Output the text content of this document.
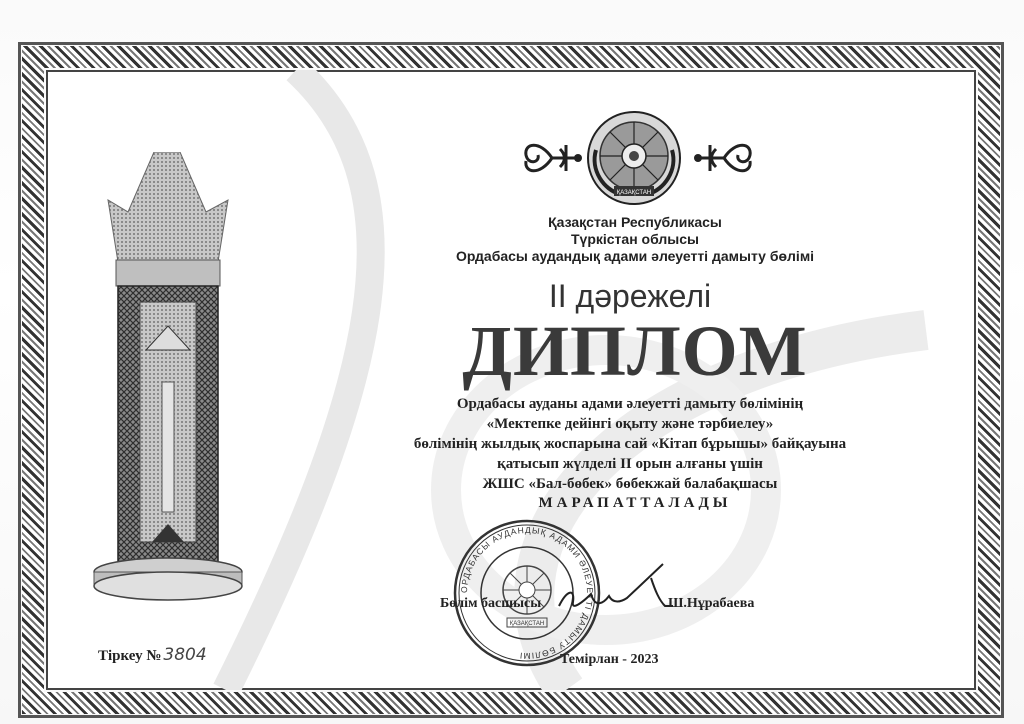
ҚАЗАҚСТАН
Қазақстан Республикасы
Түркістан облысы
Ордабасы аудандық адами әлеуетті дамыту бөлімі
II дәрежелі
ДИПЛОМ
Ордабасы ауданы адами әлеуетті дамыту бөлімінің
«Мектепке дейінгі оқыту және тәрбиелеу»
бөлімінің жылдық жоспарына сай «Кітап бұрышы» байқауына
қатысып жүлделі II орын алғаны үшін
ЖШС «Бал-бөбек» бөбекжай балабақшасы
МАРАПАТТАЛАДЫ
ОРДАБАСЫ АУДАНДЫҚ АДАМИ ӘЛЕУЕТТІ ДАМЫТУ БӨЛІМІ
ҚАЗАҚСТАН
Бөлім басшысы	Ш.Нұрабаева
Темірлан - 2023
Тіркеу № 3804
